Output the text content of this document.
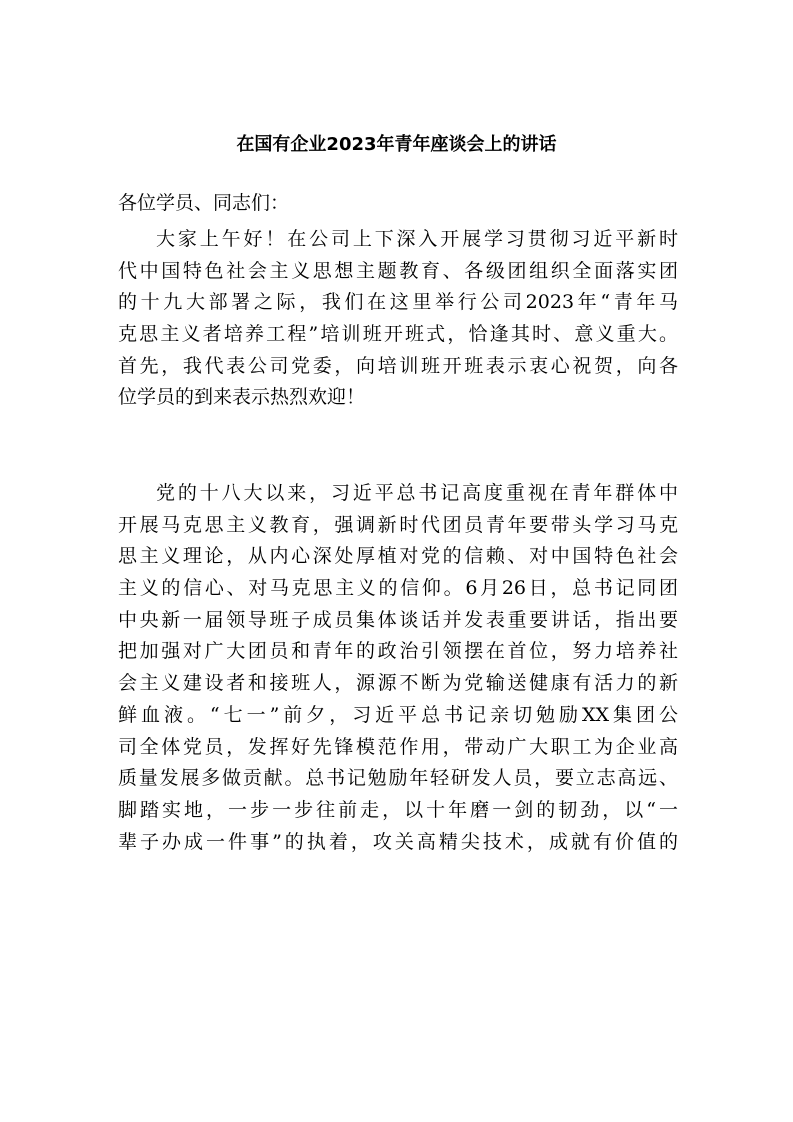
在国有企业2023年青年座谈会上的讲话

各位学员、同志们：

大家上午好！在公司上下深入开展学习贯彻习近平新时
代中国特色社会主义思想主题教育、各级团组织全面落实团
的十九大部署之际，我们在这里举行公司2023年“青年马
克思主义者培养工程”培训班开班式，恰逢其时、意义重大。
首先，我代表公司党委，向培训班开班表示衷心祝贺，向各
位学员的到来表示热烈欢迎！
党的十八大以来，习近平总书记高度重视在青年群体中
开展马克思主义教育，强调新时代团员青年要带头学习马克
思主义理论，从内心深处厚植对党的信赖、对中国特色社会
主义的信心、对马克思主义的信仰。6月26日，总书记同团
中央新一届领导班子成员集体谈话并发表重要讲话，指出要
把加强对广大团员和青年的政治引领摆在首位，努力培养社
会主义建设者和接班人，源源不断为党输送健康有活力的新
鲜血液。“七一”前夕，习近平总书记亲切勉励XX集团公
司全体党员，发挥好先锋模范作用，带动广大职工为企业高
质量发展多做贡献。总书记勉励年轻研发人员，要立志高远、
脚踏实地，一步一步往前走，以十年磨一剑的韧劲，以“一
辈子办成一件事”的执着，攻关高精尖技术，成就有价值的
